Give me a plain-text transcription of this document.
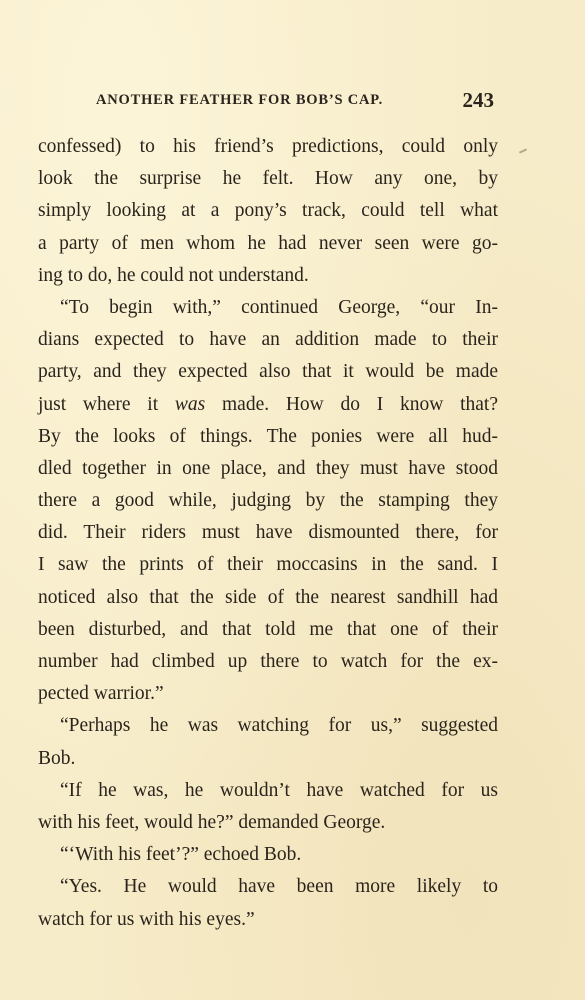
ANOTHER FEATHER FOR BOB’S CAP.	243
confessed) to his friend’s predictions, could only
look the surprise he felt. How any one, by
simply looking at a pony’s track, could tell what
a party of men whom he had never seen were go-
ing to do, he could not understand.
“To begin with,” continued George, “our In-
dians expected to have an addition made to their
party, and they expected also that it would be made
just where it was made. How do I know that?
By the looks of things. The ponies were all hud-
dled together in one place, and they must have stood
there a good while, judging by the stamping they
did. Their riders must have dismounted there, for
I saw the prints of their moccasins in the sand. I
noticed also that the side of the nearest sandhill had
been disturbed, and that told me that one of their
number had climbed up there to watch for the ex-
pected warrior.”
“Perhaps he was watching for us,” suggested
Bob.
“If he was, he wouldn’t have watched for us
with his feet, would he?” demanded George.
“‘With his feet’?” echoed Bob.
“Yes. He would have been more likely to
watch for us with his eyes.”
